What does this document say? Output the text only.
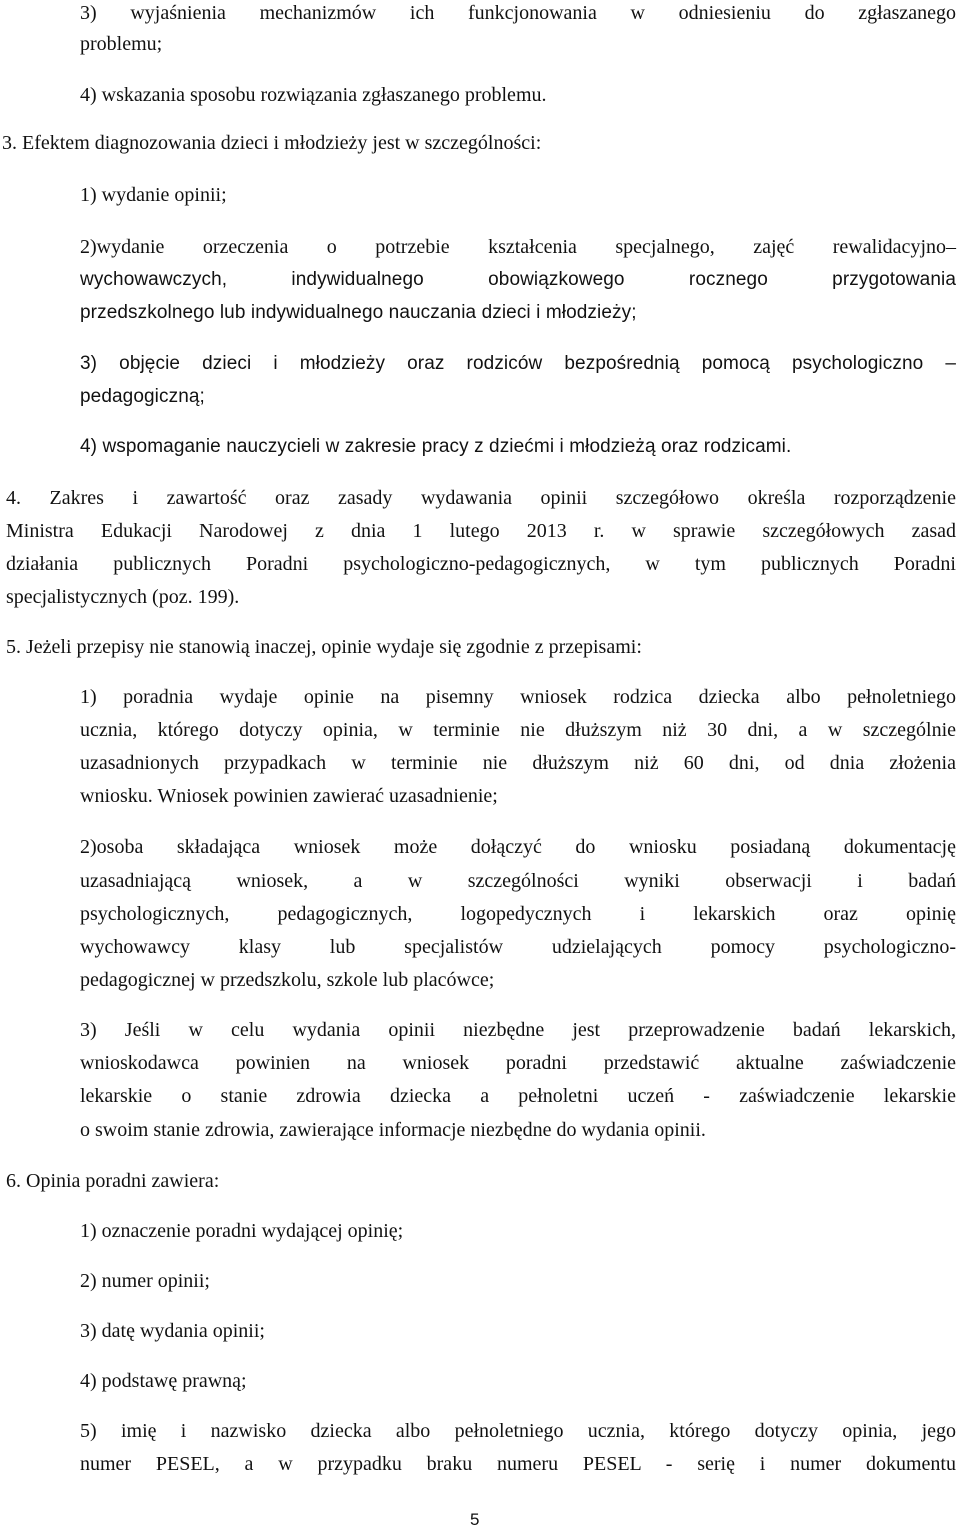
3) wyjaśnienia mechanizmów ich funkcjonowania w odniesieniu do zgłaszanego
problemu;
4) wskazania sposobu rozwiązania zgłaszanego problemu.
3. Efektem diagnozowania dzieci i młodzieży jest w szczególności:
1) wydanie opinii;
2)wydanie orzeczenia o potrzebie kształcenia specjalnego, zajęć rewalidacyjno–
wychowawczych, indywidualnego obowiązkowego rocznego przygotowania
przedszkolnego lub indywidualnego nauczania dzieci i młodzieży;
3) objęcie dzieci i młodzieży oraz rodziców bezpośrednią pomocą psychologiczno –
pedagogiczną;
4) wspomaganie nauczycieli w zakresie pracy z dziećmi i młodzieżą oraz rodzicami.
4. Zakres i zawartość oraz zasady wydawania opinii szczegółowo określa rozporządzenie
Ministra Edukacji Narodowej z dnia 1 lutego 2013 r. w sprawie szczegółowych zasad
działania publicznych Poradni psychologiczno-pedagogicznych, w tym publicznych Poradni
specjalistycznych (poz. 199).
5. Jeżeli przepisy nie stanowią inaczej, opinie wydaje się zgodnie z przepisami:
1) poradnia wydaje opinie na pisemny wniosek rodzica dziecka albo pełnoletniego
ucznia, którego dotyczy opinia, w terminie nie dłuższym niż 30 dni, a w szczególnie
uzasadnionych przypadkach w terminie nie dłuższym niż 60 dni, od dnia złożenia
wniosku. Wniosek powinien zawierać uzasadnienie;
2)osoba składająca wniosek może dołączyć do wniosku posiadaną dokumentację
uzasadniającą wniosek, a w szczególności wyniki obserwacji i badań
psychologicznych, pedagogicznych, logopedycznych i lekarskich oraz opinię
wychowawcy klasy lub specjalistów udzielających pomocy psychologiczno-
pedagogicznej w przedszkolu, szkole lub placówce;
3) Jeśli w celu wydania opinii niezbędne jest przeprowadzenie badań lekarskich,
wnioskodawca powinien na wniosek poradni przedstawić aktualne zaświadczenie
lekarskie o stanie zdrowia dziecka a pełnoletni uczeń - zaświadczenie lekarskie
o swoim stanie zdrowia, zawierające informacje niezbędne do wydania opinii.
6. Opinia poradni zawiera:
1) oznaczenie poradni wydającej opinię;
2) numer opinii;
3) datę wydania opinii;
4) podstawę prawną;
5) imię i nazwisko dziecka albo pełnoletniego ucznia, którego dotyczy opinia, jego
numer PESEL, a w przypadku braku numeru PESEL - serię i numer dokumentu
5
